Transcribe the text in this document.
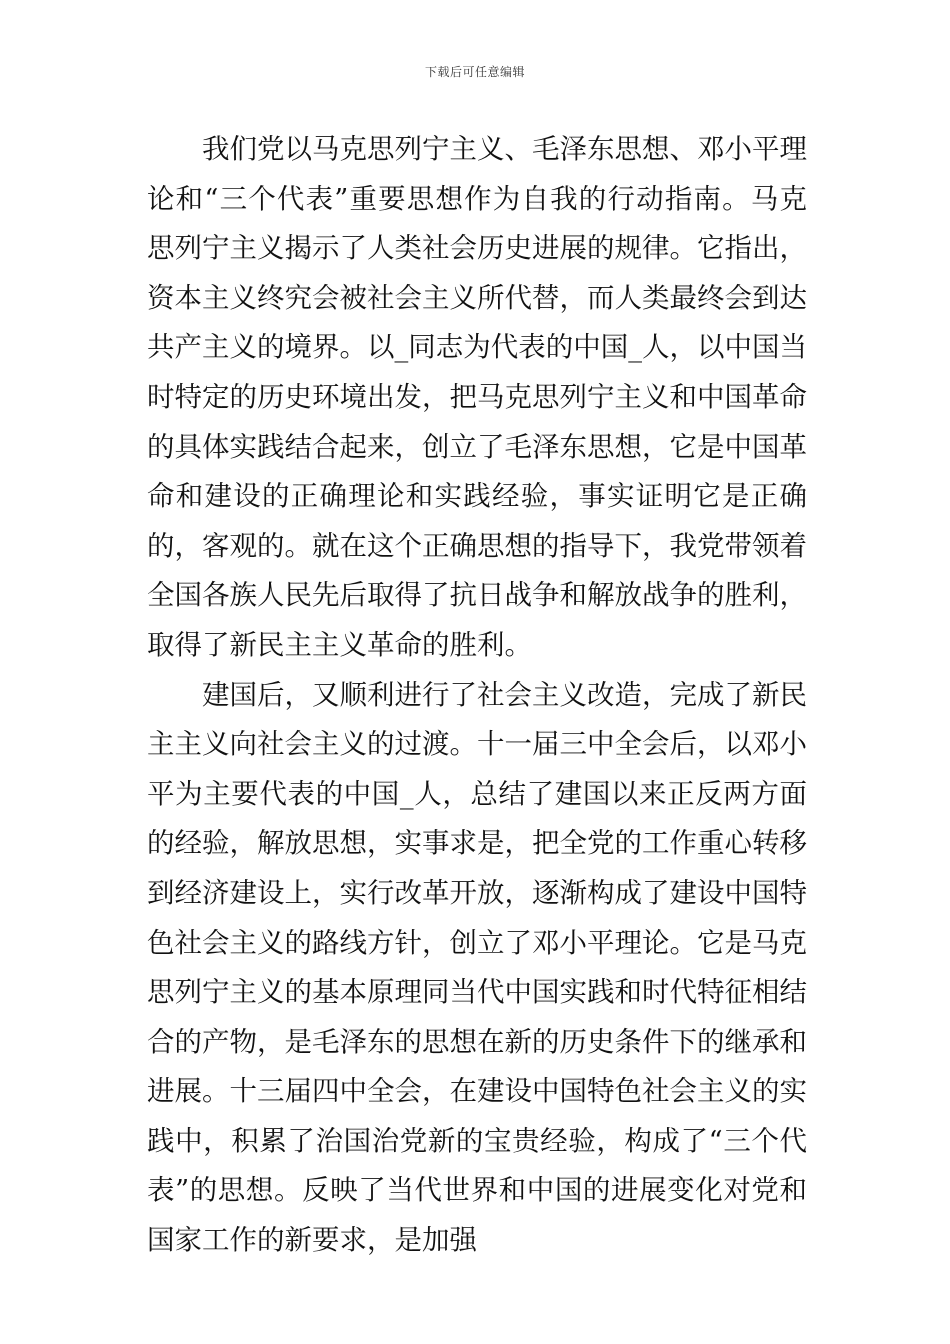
下载后可任意编辑

我们党以马克思列宁主义、毛泽东思想、邓小平理论和“三个代表”重要思想作为自我的行动指南。马克思列宁主义揭示了人类社会历史进展的规律。它指出，资本主义终究会被社会主义所代替，而人类最终会到达共产主义的境界。以_同志为代表的中国_人，以中国当时特定的历史环境出发，把马克思列宁主义和中国革命的具体实践结合起来，创立了毛泽东思想，它是中国革命和建设的正确理论和实践经验，事实证明它是正确的，客观的。就在这个正确思想的指导下，我党带领着全国各族人民先后取得了抗日战争和解放战争的胜利，取得了新民主主义革命的胜利。

建国后，又顺利进行了社会主义改造，完成了新民主主义向社会主义的过渡。十一届三中全会后，以邓小平为主要代表的中国_人，总结了建国以来正反两方面的经验，解放思想，实事求是，把全党的工作重心转移到经济建设上，实行改革开放，逐渐构成了建设中国特色社会主义的路线方针，创立了邓小平理论。它是马克思列宁主义的基本原理同当代中国实践和时代特征相结合的产物，是毛泽东的思想在新的历史条件下的继承和进展。十三届四中全会，在建设中国特色社会主义的实践中，积累了治国治党新的宝贵经验，构成了“三个代表”的思想。反映了当代世界和中国的进展变化对党和国家工作的新要求，是加强
